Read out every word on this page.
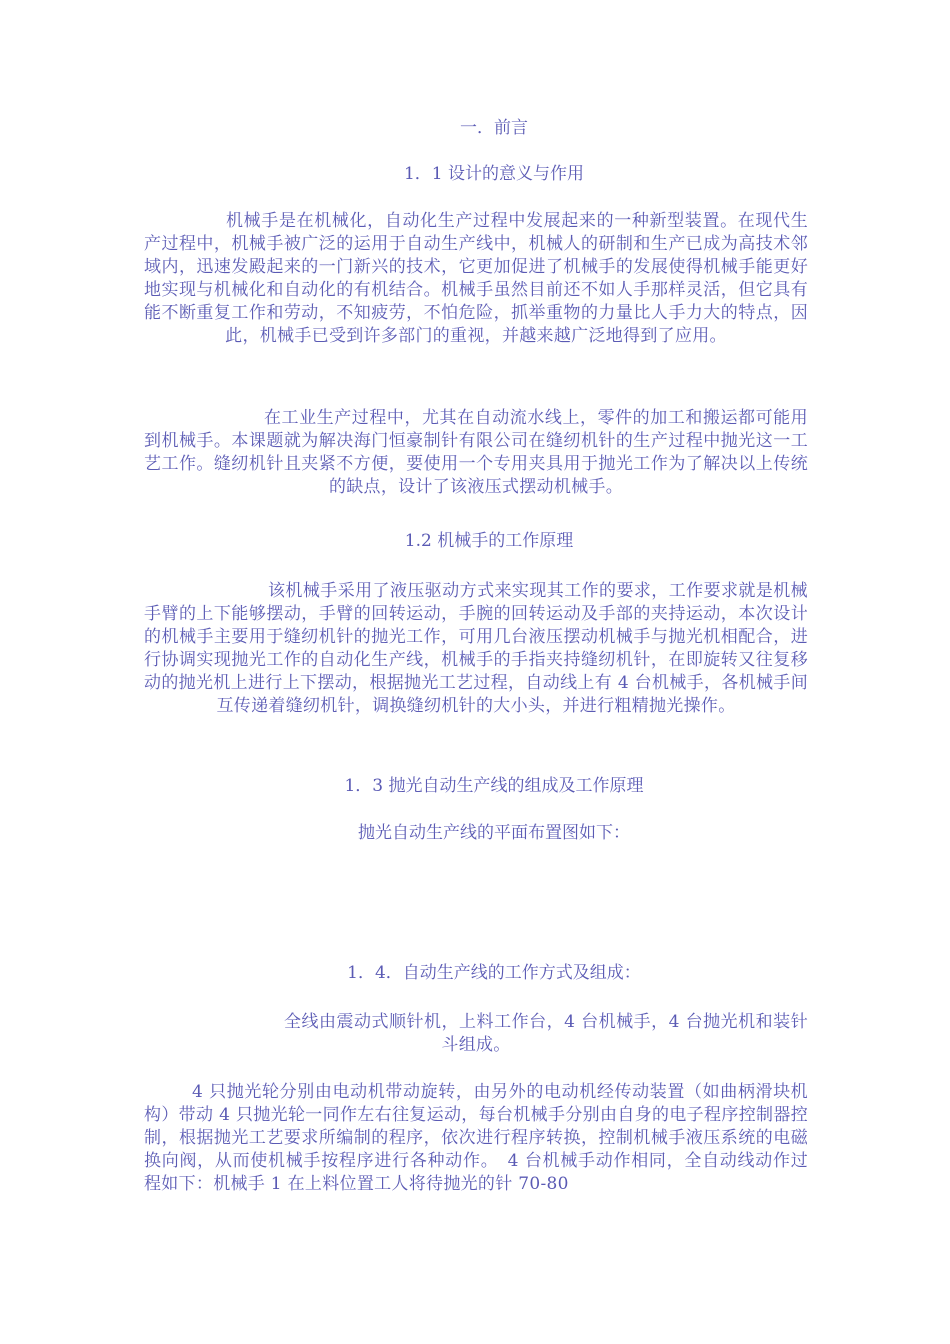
一．前言

1．1 设计的意义与作用

机械手是在机械化，自动化生产过程中发展起来的一种新型装置。在现代生产过程中，机械手被广泛的运用于自动生产线中，机械人的研制和生产已成为高技术邻域内，迅速发殿起来的一门新兴的技术，它更加促进了机械手的发展使得机械手能更好地实现与机械化和自动化的有机结合。机械手虽然目前还不如人手那样灵活，但它具有能不断重复工作和劳动，不知疲劳，不怕危险，抓举重物的力量比人手力大的特点，因此，机械手已受到许多部门的重视，并越来越广泛地得到了应用。

在工业生产过程中，尤其在自动流水线上，零件的加工和搬运都可能用到机械手。本课题就为解决海门恒豪制针有限公司在缝纫机针的生产过程中抛光这一工艺工作。缝纫机针且夹紧不方便，要使用一个专用夹具用于抛光工作为了解决以上传统的缺点，设计了该液压式摆动机械手。

1.2 机械手的工作原理

该机械手采用了液压驱动方式来实现其工作的要求，工作要求就是机械手臂的上下能够摆动，手臂的回转运动，手腕的回转运动及手部的夹持运动，本次设计的机械手主要用于缝纫机针的抛光工作，可用几台液压摆动机械手与抛光机相配合，进行协调实现抛光工作的自动化生产线，机械手的手指夹持缝纫机针，在即旋转又往复移动的抛光机上进行上下摆动，根据抛光工艺过程，自动线上有 4 台机械手，各机械手间互传递着缝纫机针，调换缝纫机针的大小头，并进行粗精抛光操作。

1．3 抛光自动生产线的组成及工作原理

抛光自动生产线的平面布置图如下：

1．4．自动生产线的工作方式及组成：

全线由震动式顺针机，上料工作台，4 台机械手，4 台抛光机和装针斗组成。

4 只抛光轮分别由电动机带动旋转，由另外的电动机经传动装置（如曲柄滑块机构）带动 4 只抛光轮一同作左右往复运动，每台机械手分别由自身的电子程序控制器控制，根据抛光工艺要求所编制的程序，依次进行程序转换，控制机械手液压系统的电磁换向阀，从而使机械手按程序进行各种动作。　4 台机械手动作相同，全自动线动作过程如下：机械手 1 在上料位置工人将待抛光的针 70-80
